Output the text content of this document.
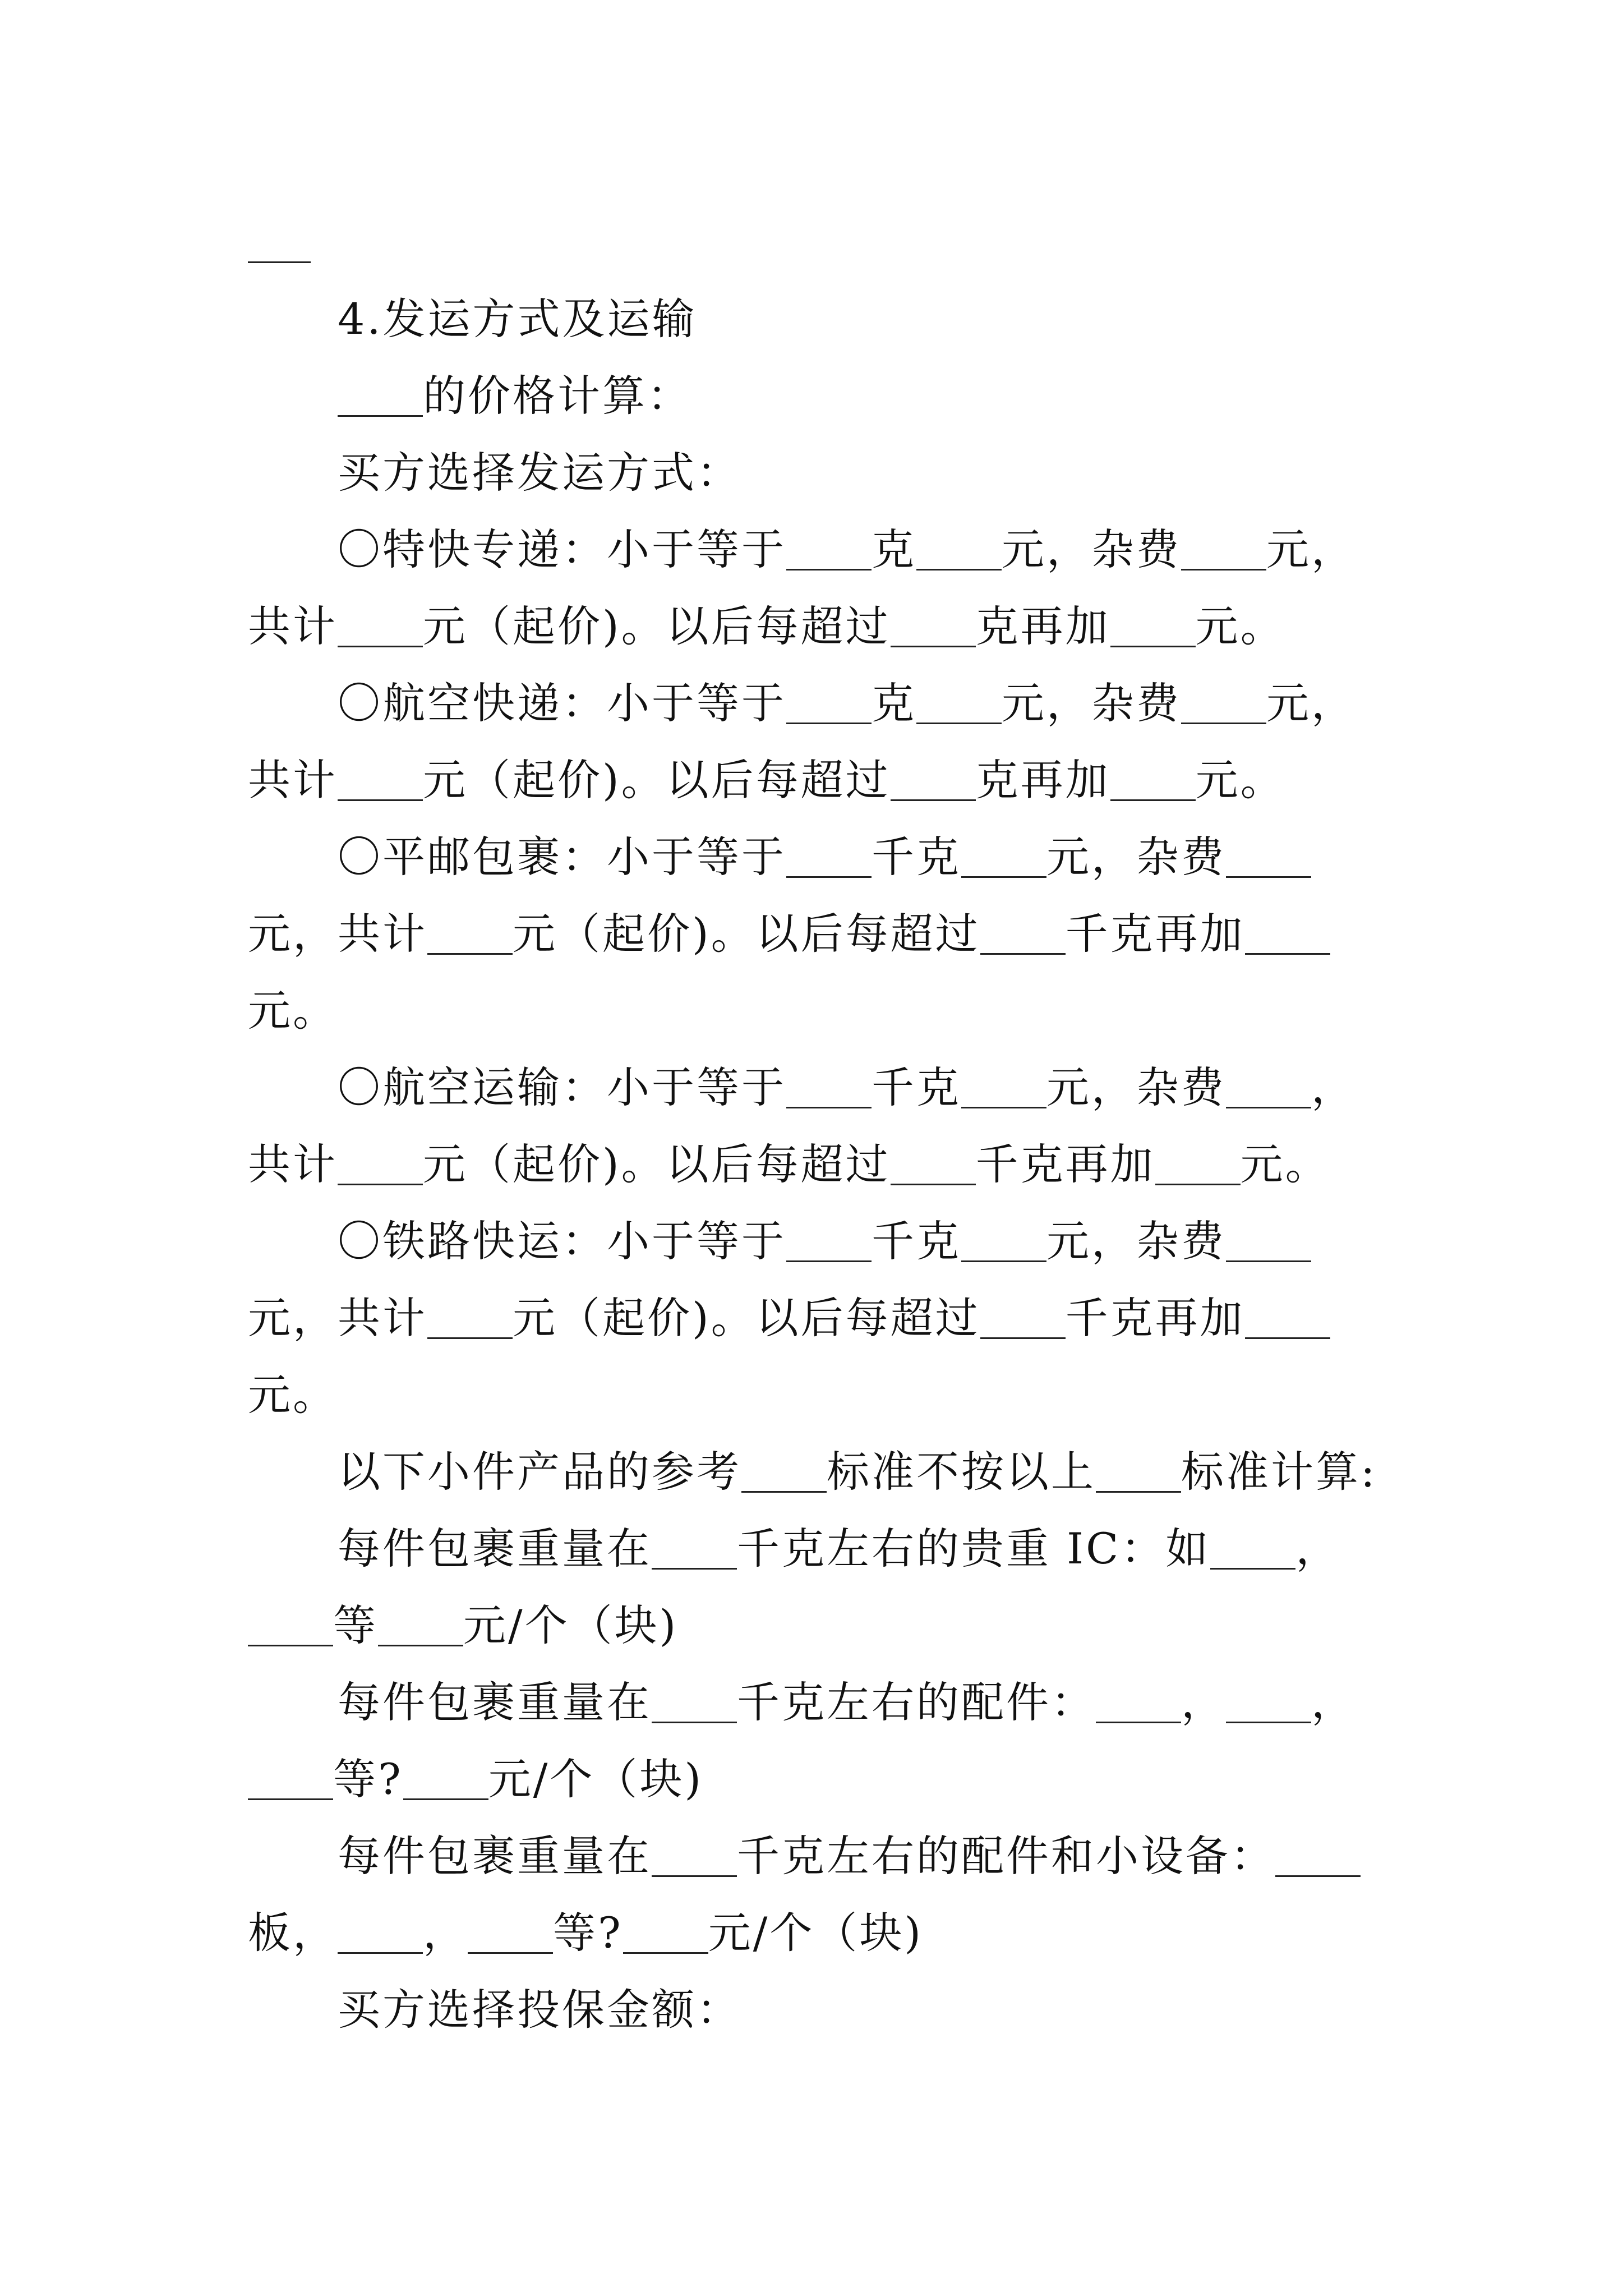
4.发运方式及运输
的价格计算：
买方选择发运方式：
〇特快专递：小于等于 克 元，杂费 元，
共计 元（起价)。以后每超过 克再加 元。
〇航空快递：小于等于 克 元，杂费 元，
共计 元（起价)。以后每超过 克再加 元。
〇平邮包裹：小于等于 千克 元，杂费
元，共计 元（起价)。以后每超过 千克再加
元。
〇航空运输：小于等于 千克 元，杂费 ，
共计 元（起价)。以后每超过 千克再加 元。
〇铁路快运：小于等于 千克 元，杂费
元，共计 元（起价)。以后每超过 千克再加
元。
以下小件产品的参考 标准不按以上 标准计算:
每件包裹重量在 千克左右的贵重 IC：如 ，
等 元/个（块)
每件包裹重量在 千克左右的配件： ， ，
等? 元/个（块)
每件包裹重量在 千克左右的配件和小设备：
板， ， 等? 元/个（块)
买方选择投保金额：
